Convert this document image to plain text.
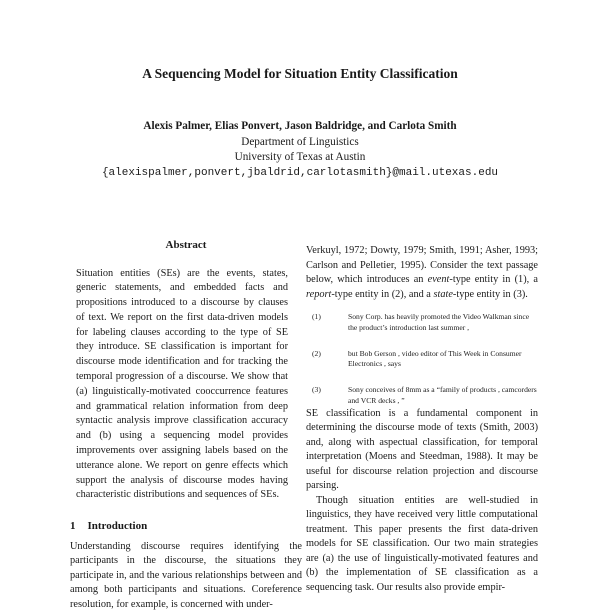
A Sequencing Model for Situation Entity Classification
Alexis Palmer, Elias Ponvert, Jason Baldridge, and Carlota Smith
Department of Linguistics
University of Texas at Austin
{alexispalmer,ponvert,jbaldrid,carlotasmith}@mail.utexas.edu
Abstract

Situation entities (SEs) are the events, states, generic statements, and embedded facts and propositions introduced to a discourse by clauses of text. We report on the first data-driven models for labeling clauses according to the type of SE they introduce. SE classification is important for discourse mode identification and for tracking the temporal progression of a discourse. We show that (a) linguistically-motivated cooccurrence features and grammatical relation information from deep syntactic analysis improve classification accuracy and (b) using a sequencing model provides improvements over assigning labels based on the utterance alone. We report on genre effects which support the analysis of discourse modes having characteristic distributions and sequences of SEs.

1 Introduction

Understanding discourse requires identifying the participants in the discourse, the situations they participate in, and the various relationships between and among both participants and situations. Coreference resolution, for example, is concerned with under-

Verkuyl, 1972; Dowty, 1979; Smith, 1991; Asher, 1993; Carlson and Pelletier, 1995). Consider the text passage below, which introduces an event-type entity in (1), a report-type entity in (2), and a state-type entity in (3).

(1)	Sony Corp. has heavily promoted the Video Walkman since the product’s introduction last summer ,
(2)	but Bob Gerson , video editor of This Week in Consumer Electronics , says
(3)	Sony conceives of 8mm as a “family of products , camcorders and VCR decks , ”

SE classification is a fundamental component in determining the discourse mode of texts (Smith, 2003) and, along with aspectual classification, for temporal interpretation (Moens and Steedman, 1988). It may be useful for discourse relation projection and discourse parsing.

Though situation entities are well-studied in linguistics, they have received very little computational treatment. This paper presents the first data-driven models for SE classification. Our two main strategies are (a) the use of linguistically-motivated features and (b) the implementation of SE classification as a sequencing task. Our results also provide empir-
